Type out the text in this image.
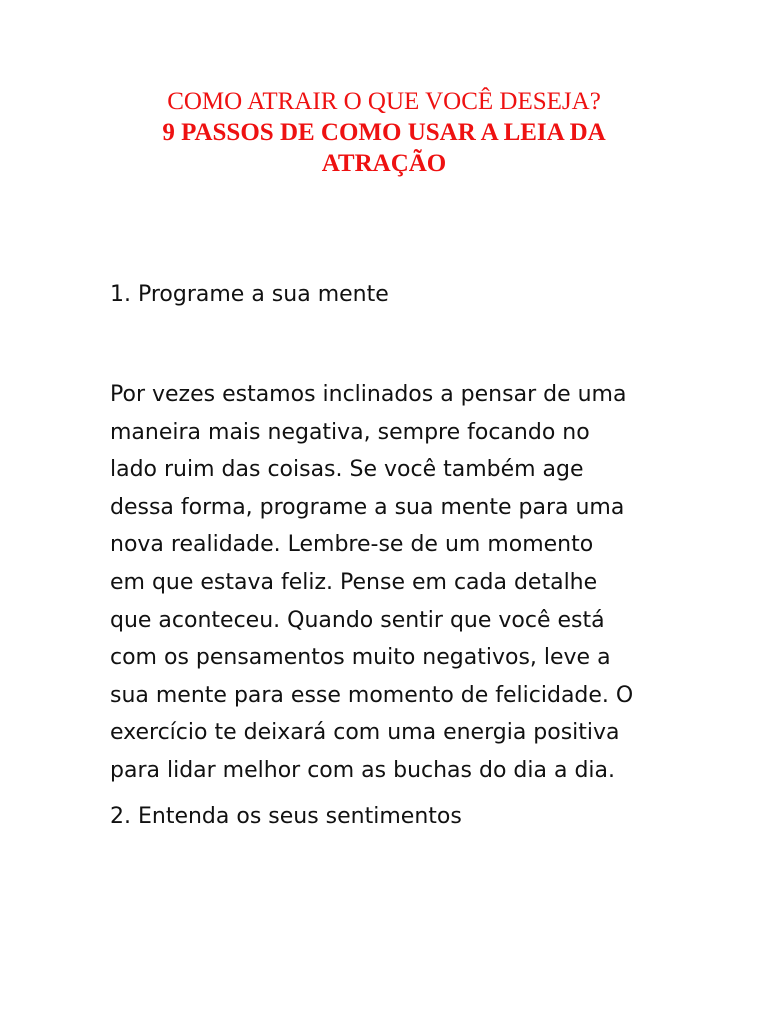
COMO ATRAIR O QUE VOCÊ DESEJA?
9 PASSOS DE COMO USAR A LEIA DA ATRAÇÃO
1. Programe a sua mente

Por vezes estamos inclinados a pensar de uma
maneira mais negativa, sempre focando no
lado ruim das coisas. Se você também age
dessa forma, programe a sua mente para uma
nova realidade. Lembre-se de um momento
em que estava feliz. Pense em cada detalhe
que aconteceu. Quando sentir que você está
com os pensamentos muito negativos, leve a
sua mente para esse momento de felicidade. O
exercício te deixará com uma energia positiva
para lidar melhor com as buchas do dia a dia.

2. Entenda os seus sentimentos
